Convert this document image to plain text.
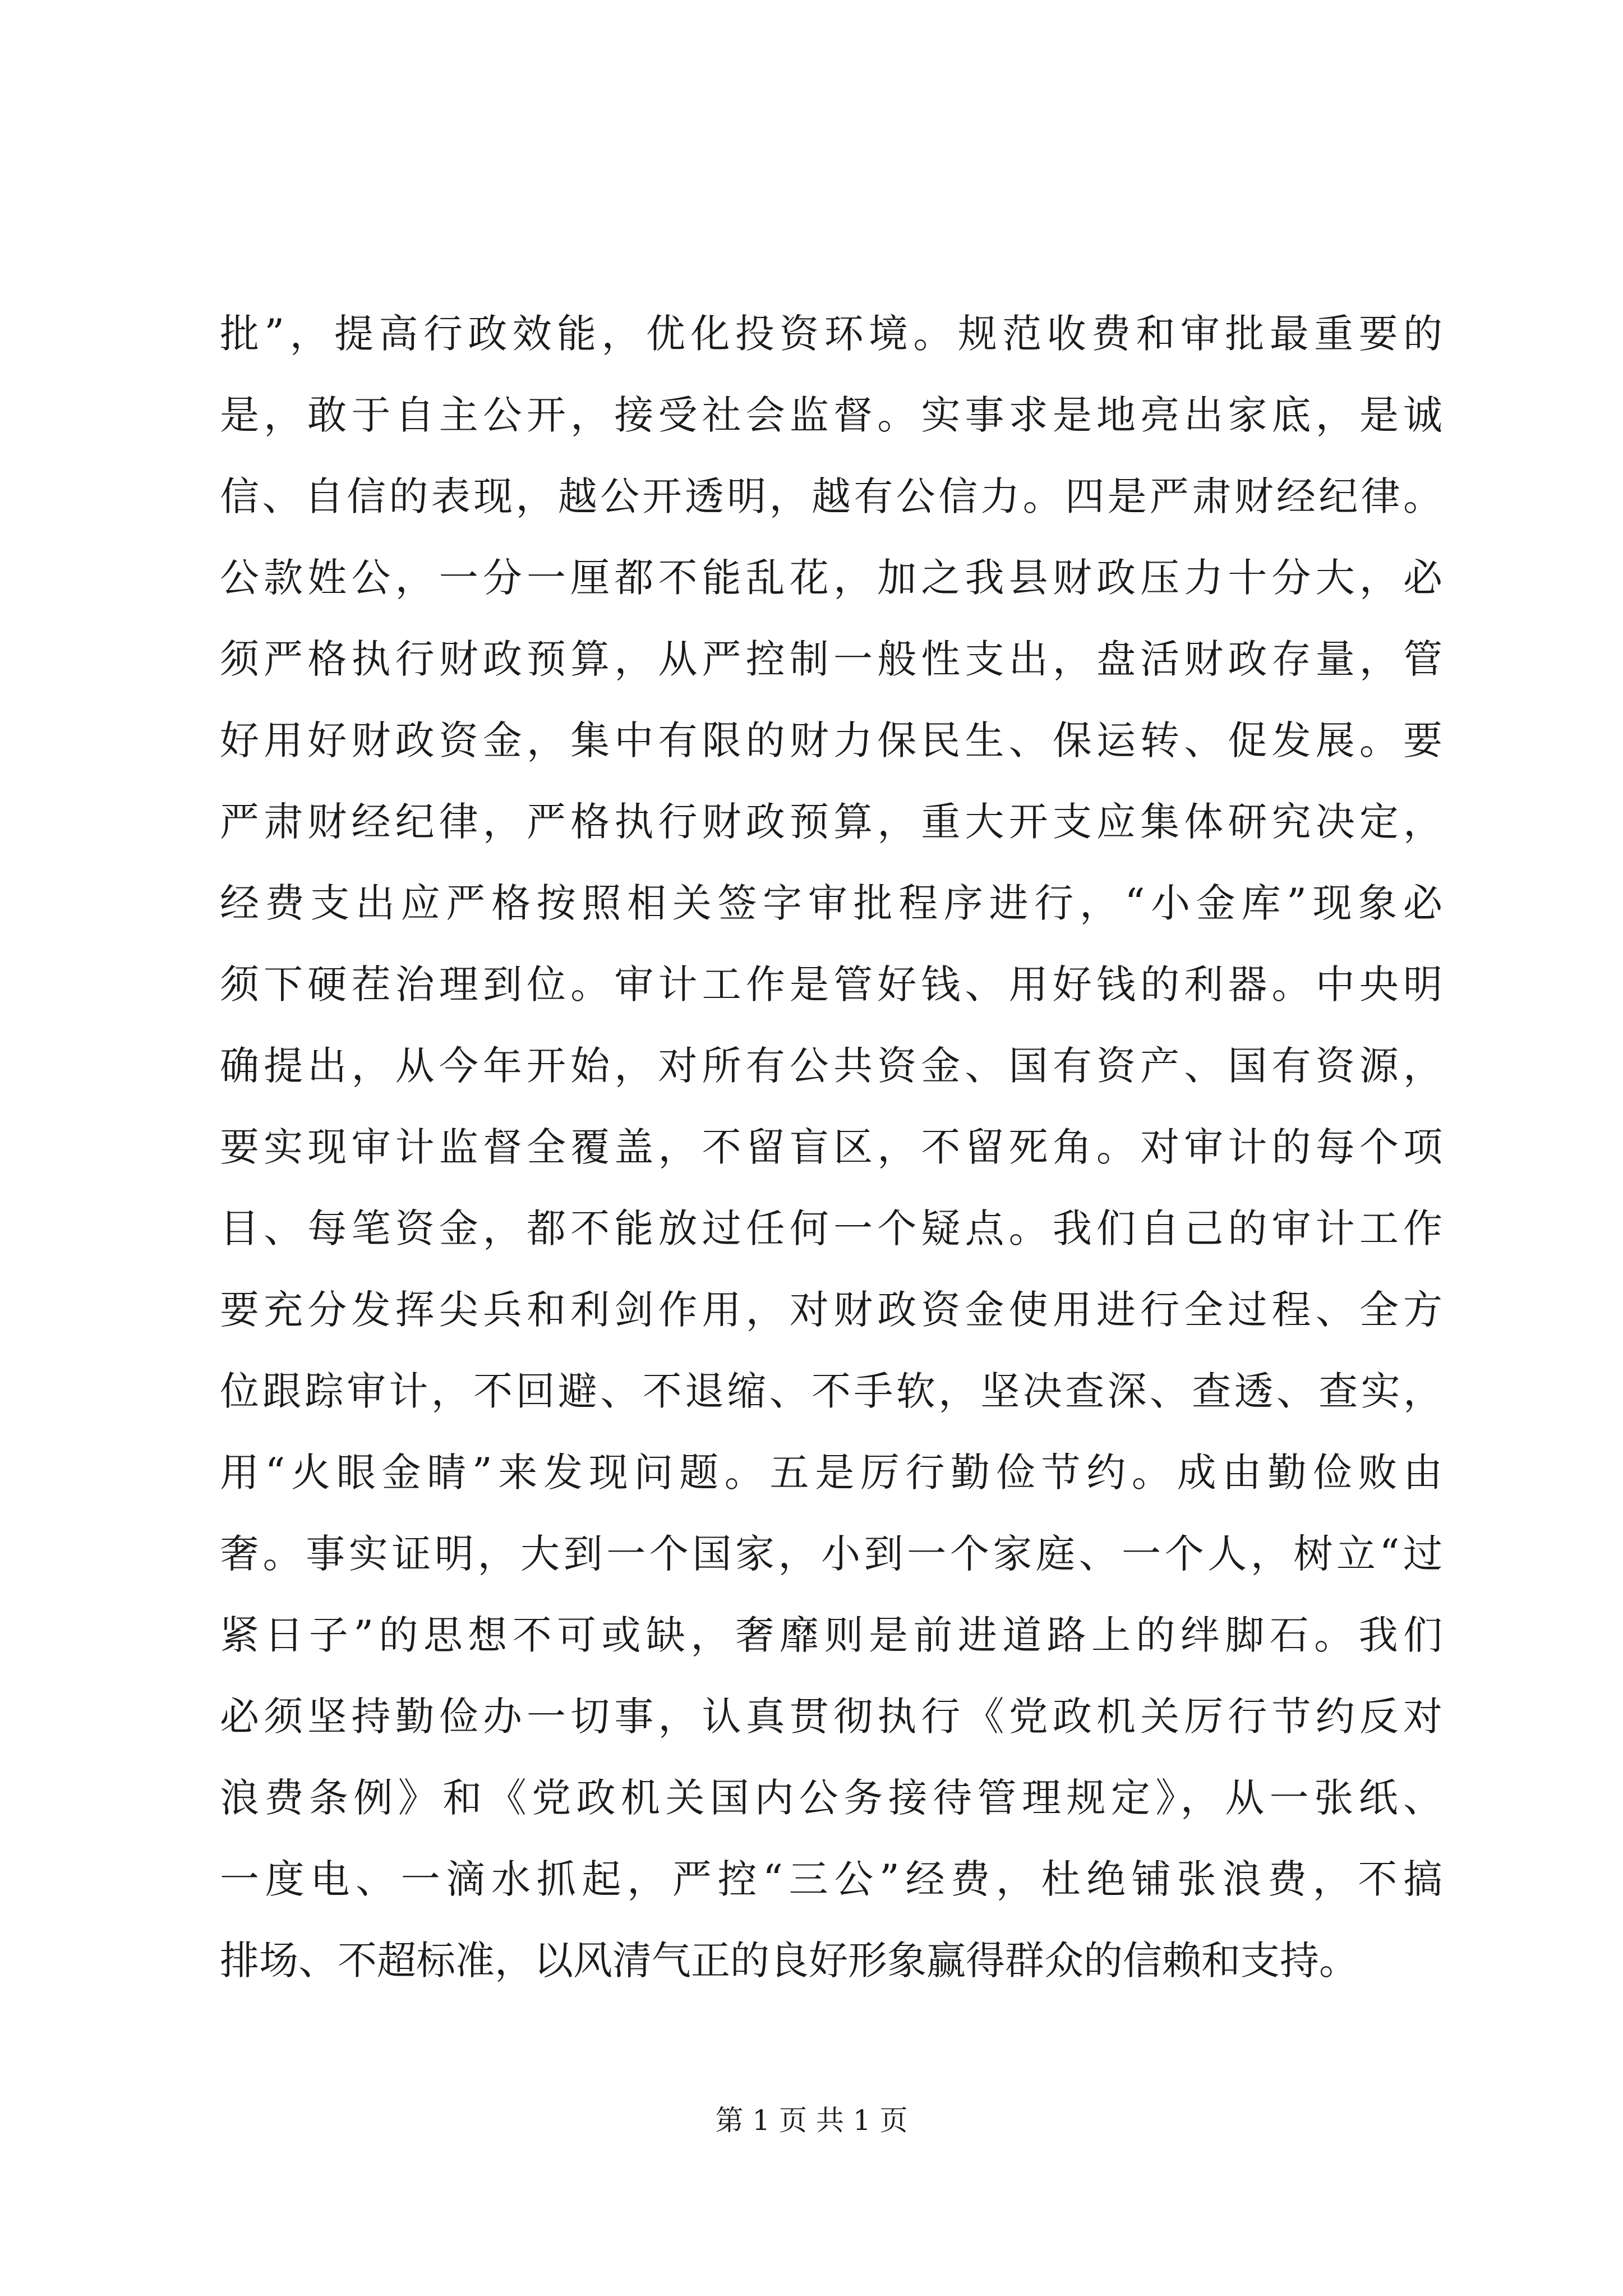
批”，提高行政效能，优化投资环境。规范收费和审批最重要的
是，敢于自主公开，接受社会监督。实事求是地亮出家底，是诚
信、自信的表现，越公开透明，越有公信力。四是严肃财经纪律。
公款姓公，一分一厘都不能乱花，加之我县财政压力十分大，必
须严格执行财政预算，从严控制一般性支出，盘活财政存量，管
好用好财政资金，集中有限的财力保民生、保运转、促发展。要
严肃财经纪律，严格执行财政预算，重大开支应集体研究决定，
经费支出应严格按照相关签字审批程序进行，“小金库”现象必
须下硬茬治理到位。审计工作是管好钱、用好钱的利器。中央明
确提出，从今年开始，对所有公共资金、国有资产、国有资源，
要实现审计监督全覆盖，不留盲区，不留死角。对审计的每个项
目、每笔资金，都不能放过任何一个疑点。我们自己的审计工作
要充分发挥尖兵和利剑作用，对财政资金使用进行全过程、全方
位跟踪审计，不回避、不退缩、不手软，坚决查深、查透、查实，
用“火眼金睛”来发现问题。五是厉行勤俭节约。成由勤俭败由
奢。事实证明，大到一个国家，小到一个家庭、一个人，树立“过
紧日子”的思想不可或缺，奢靡则是前进道路上的绊脚石。我们
必须坚持勤俭办一切事，认真贯彻执行《党政机关厉行节约反对
浪费条例》和《党政机关国内公务接待管理规定》，从一张纸、
一度电、一滴水抓起，严控“三公”经费，杜绝铺张浪费，不搞
排场、不超标准，以风清气正的良好形象赢得群众的信赖和支持。
第 1 页 共 1 页
